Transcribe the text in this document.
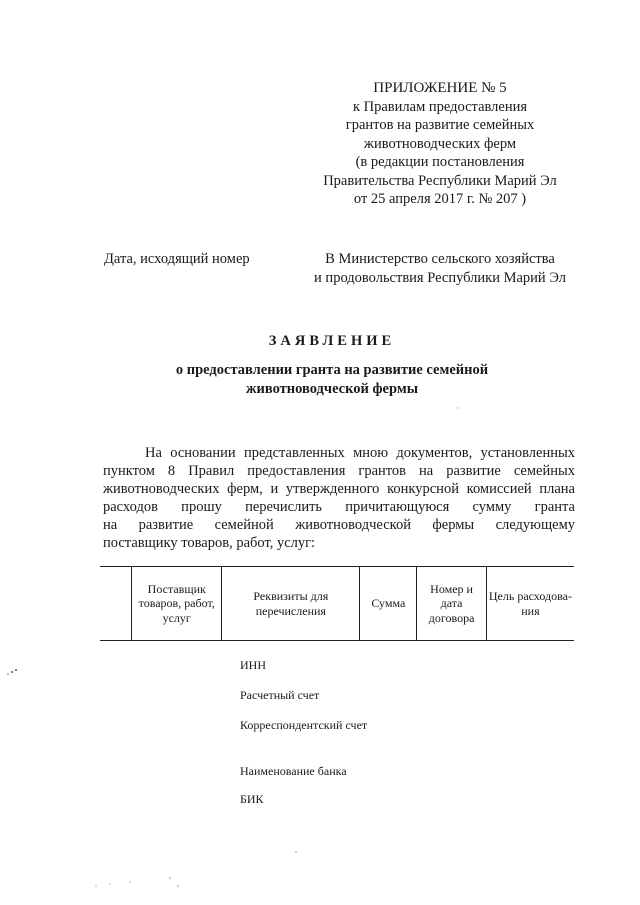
ПРИЛОЖЕНИЕ № 5
к Правилам предоставления
грантов на развитие семейных
животноводческих ферм
(в редакции постановления
Правительства Республики Марий Эл
от 25 апреля 2017 г. № 207 )
Дата, исходящий номер	В Министерство сельского хозяйства
и продовольствия Республики Марий Эл
ЗАЯВЛЕНИЕ
о предоставлении гранта на развитие семейной
животноводческой фермы
На основании представленных мною документов, установленных
пунктом 8 Правил предоставления грантов на развитие семейных
животноводческих ферм, и утвержденного конкурсной комиссией плана
расходов прошу перечислить причитающуюся сумму гранта
на развитие семейной животноводческой фермы следующему
поставщику товаров, работ, услуг:
	Поставщик товаров, работ, услуг	Реквизиты для перечисления	Сумма	Номер и дата договора	Цель расходова-ния
ИНН
Расчетный счет
Корреспондентский счет
Наименование банка
БИК
